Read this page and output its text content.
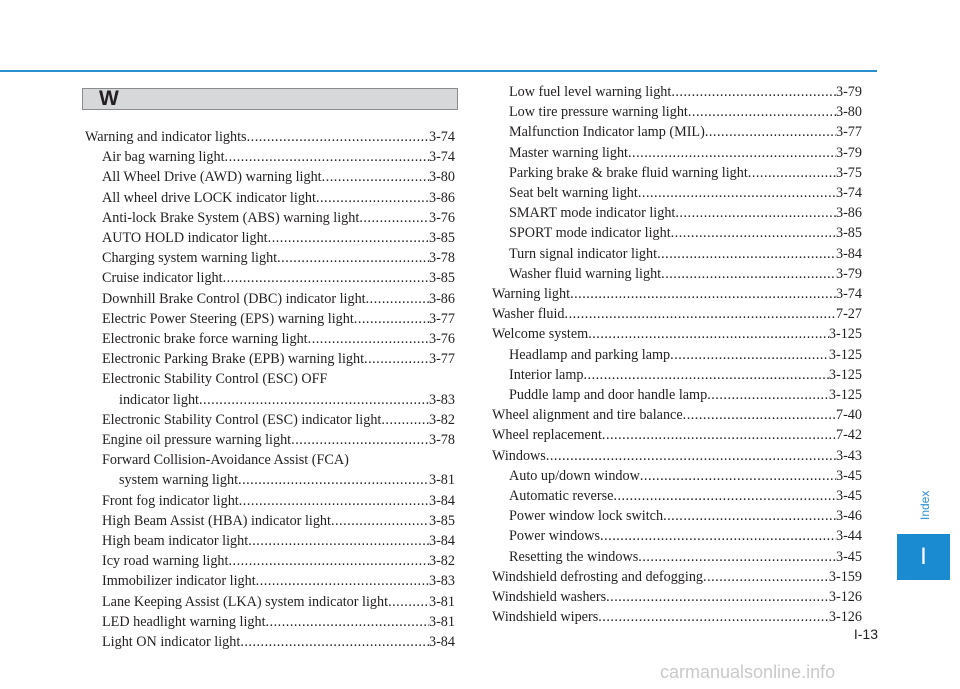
W
Warning and indicator lights .....	3-74
Air bag warning light .....	3-74
All Wheel Drive (AWD) warning light .....	3-80
All wheel drive LOCK indicator light .....	3-86
Anti-lock Brake System (ABS) warning light .....	3-76
AUTO HOLD indicator light .....	3-85
Charging system warning light .....	3-78
Cruise indicator light .....	3-85
Downhill Brake Control (DBC) indicator light .....	3-86
Electric Power Steering (EPS) warning light .....	3-77
Electronic brake force warning light .....	3-76
Electronic Parking Brake (EPB) warning light .....	3-77
Electronic Stability Control (ESC) OFF
indicator light .....	3-83
Electronic Stability Control (ESC) indicator light .....	3-82
Engine oil pressure warning light .....	3-78
Forward Collision-Avoidance Assist (FCA)
system warning light .....	3-81
Front fog indicator light .....	3-84
High Beam Assist (HBA) indicator light .....	3-85
High beam indicator light .....	3-84
Icy road warning light .....	3-82
Immobilizer indicator light .....	3-83
Lane Keeping Assist (LKA) system indicator light .....	3-81
LED headlight warning light .....	3-81
Light ON indicator light .....	3-84
Low fuel level warning light .....	3-79
Low tire pressure warning light .....	3-80
Malfunction Indicator lamp (MIL) .....	3-77
Master warning light .....	3-79
Parking brake & brake fluid warning light .....	3-75
Seat belt warning light .....	3-74
SMART mode indicator light .....	3-86
SPORT mode indicator light .....	3-85
Turn signal indicator light .....	3-84
Washer fluid warning light .....	3-79
Warning light .....	3-74
Washer fluid .....	7-27
Welcome system .....	3-125
Headlamp and parking lamp .....	3-125
Interior lamp .....	3-125
Puddle lamp and door handle lamp .....	3-125
Wheel alignment and tire balance .....	7-40
Wheel replacement .....	7-42
Windows .....	3-43
Auto up/down window .....	3-45
Automatic reverse .....	3-45
Power window lock switch .....	3-46
Power windows .....	3-44
Resetting the windows .....	3-45
Windshield defrosting and defogging .....	3-159
Windshield washers .....	3-126
Windshield wipers .....	3-126
Index
I
I-13
carmanualsonline.info
